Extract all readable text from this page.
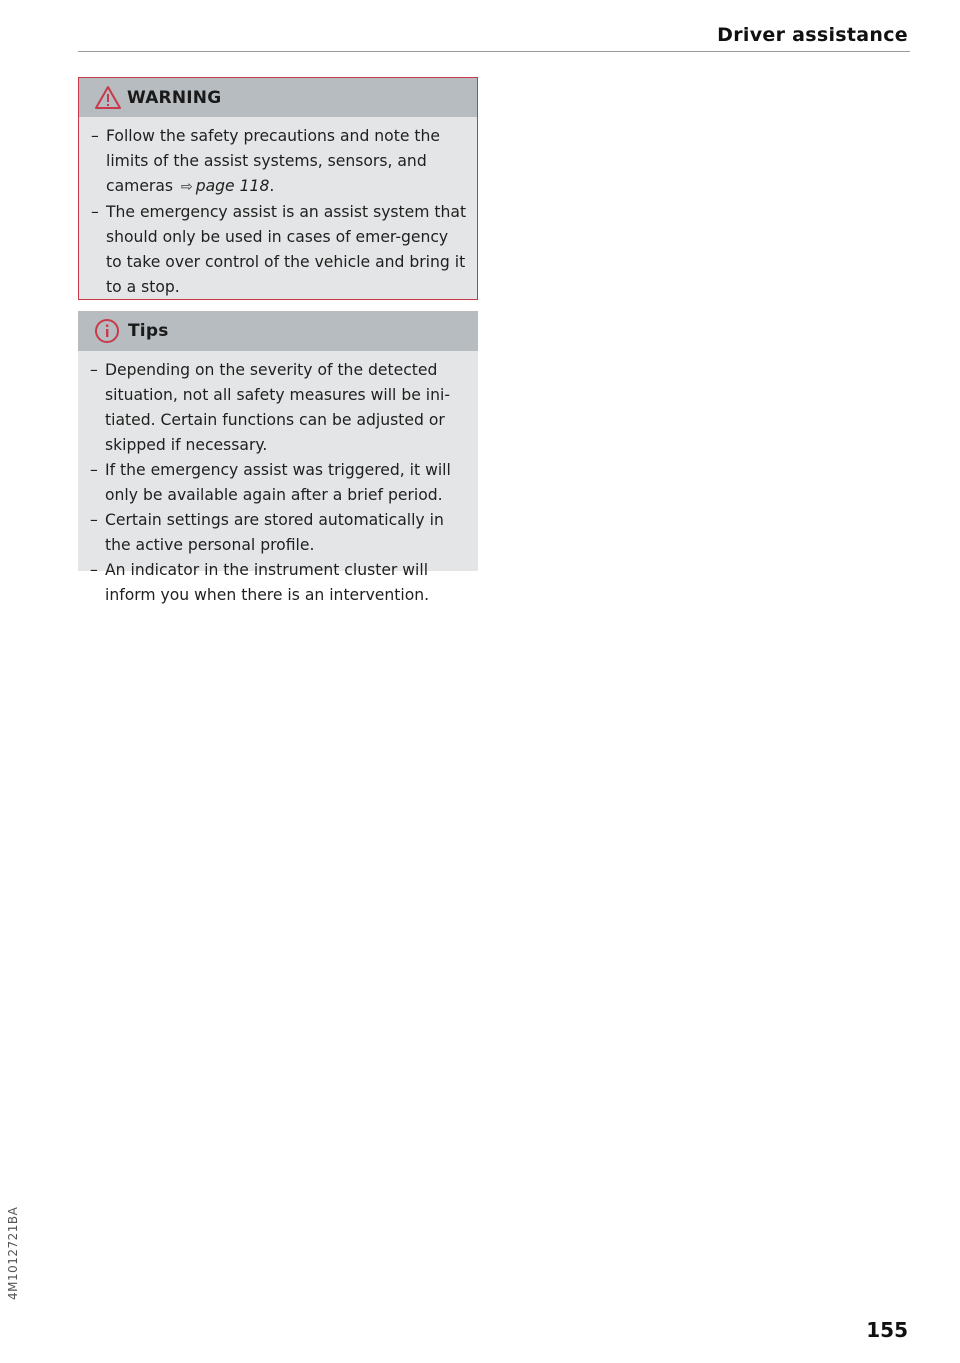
Driver assistance
WARNING
– Follow the safety precautions and note the limits of the assist systems, sensors, and cameras ⇨ page 118.
– The emergency assist is an assist system that should only be used in cases of emer-gency to take over control of the vehicle and bring it to a stop.
Tips
– Depending on the severity of the detected situation, not all safety measures will be ini-tiated. Certain functions can be adjusted or skipped if necessary.
– If the emergency assist was triggered, it will only be available again after a brief period.
– Certain settings are stored automatically in the active personal profile.
– An indicator in the instrument cluster will inform you when there is an intervention.
4M1012721BA
155
